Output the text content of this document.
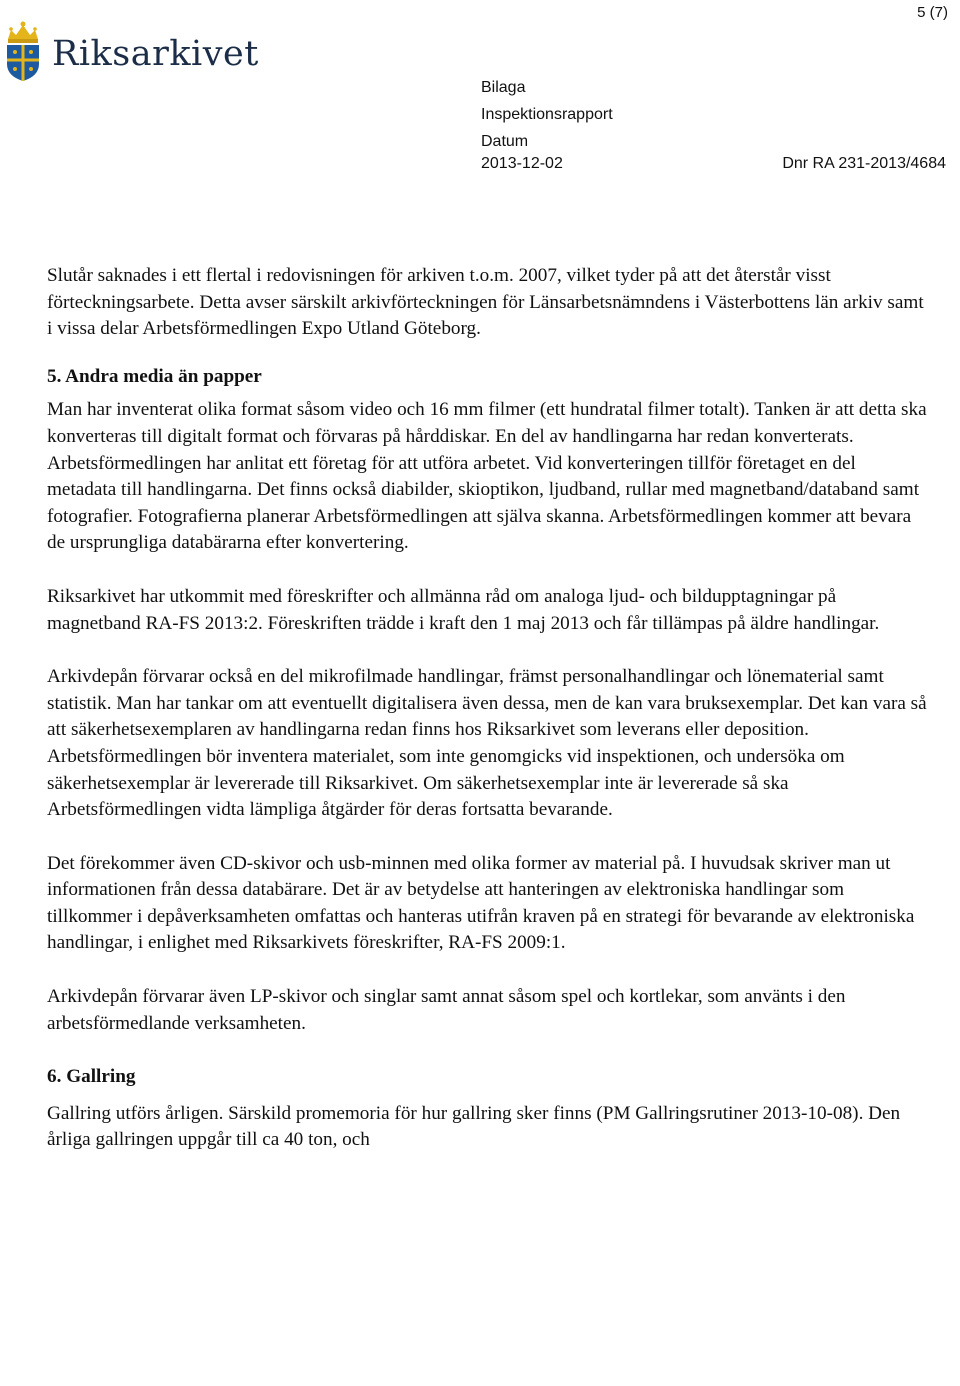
5 (7)
Riksarkivet
Bilaga
Inspektionsrapport
Datum
2013-12-02	Dnr RA 231-2013/4684

Slutår saknades i ett flertal i redovisningen för arkiven t.o.m. 2007, vilket tyder på att det återstår visst förteckningsarbete. Detta avser särskilt arkivförteckningen för Länsarbetsnämndens i Västerbottens län arkiv samt i vissa delar Arbetsförmedlingen Expo Utland Göteborg.

5. Andra media än papper

Man har inventerat olika format såsom video och 16 mm filmer (ett hundratal filmer totalt). Tanken är att detta ska konverteras till digitalt format och förvaras på hårddiskar. En del av handlingarna har redan konverterats. Arbetsförmedlingen har anlitat ett företag för att utföra arbetet. Vid konverteringen tillför företaget en del metadata till handlingarna. Det finns också diabilder, skioptikon, ljudband, rullar med magnetband/databand samt fotografier. Fotografierna planerar Arbetsförmedlingen att själva skanna. Arbetsförmedlingen kommer att bevara de ursprungliga databärarna efter konvertering.

Riksarkivet har utkommit med föreskrifter och allmänna råd om analoga ljud- och bildupptagningar på magnetband RA-FS 2013:2. Föreskriften trädde i kraft den 1 maj 2013 och får tillämpas på äldre handlingar.

Arkivdepån förvarar också en del mikrofilmade handlingar, främst personalhandlingar och lönematerial samt statistik. Man har tankar om att eventuellt digitalisera även dessa, men de kan vara bruksexemplar. Det kan vara så att säkerhetsexemplaren av handlingarna redan finns hos Riksarkivet som leverans eller deposition. Arbetsförmedlingen bör inventera materialet, som inte genomgicks vid inspektionen, och undersöka om säkerhetsexemplar är levererade till Riksarkivet. Om säkerhetsexemplar inte är levererade så ska Arbetsförmedlingen vidta lämpliga åtgärder för deras fortsatta bevarande.

Det förekommer även CD-skivor och usb-minnen med olika former av material på. I huvudsak skriver man ut informationen från dessa databärare. Det är av betydelse att hanteringen av elektroniska handlingar som tillkommer i depåverksamheten omfattas och hanteras utifrån kraven på en strategi för bevarande av elektroniska handlingar, i enlighet med Riksarkivets föreskrifter, RA-FS 2009:1.

Arkivdepån förvarar även LP-skivor och singlar samt annat såsom spel och kortlekar, som använts i den arbetsförmedlande verksamheten.

6. Gallring

Gallring utförs årligen. Särskild promemoria för hur gallring sker finns (PM Gallringsrutiner 2013-10-08). Den årliga gallringen uppgår till ca 40 ton, och
